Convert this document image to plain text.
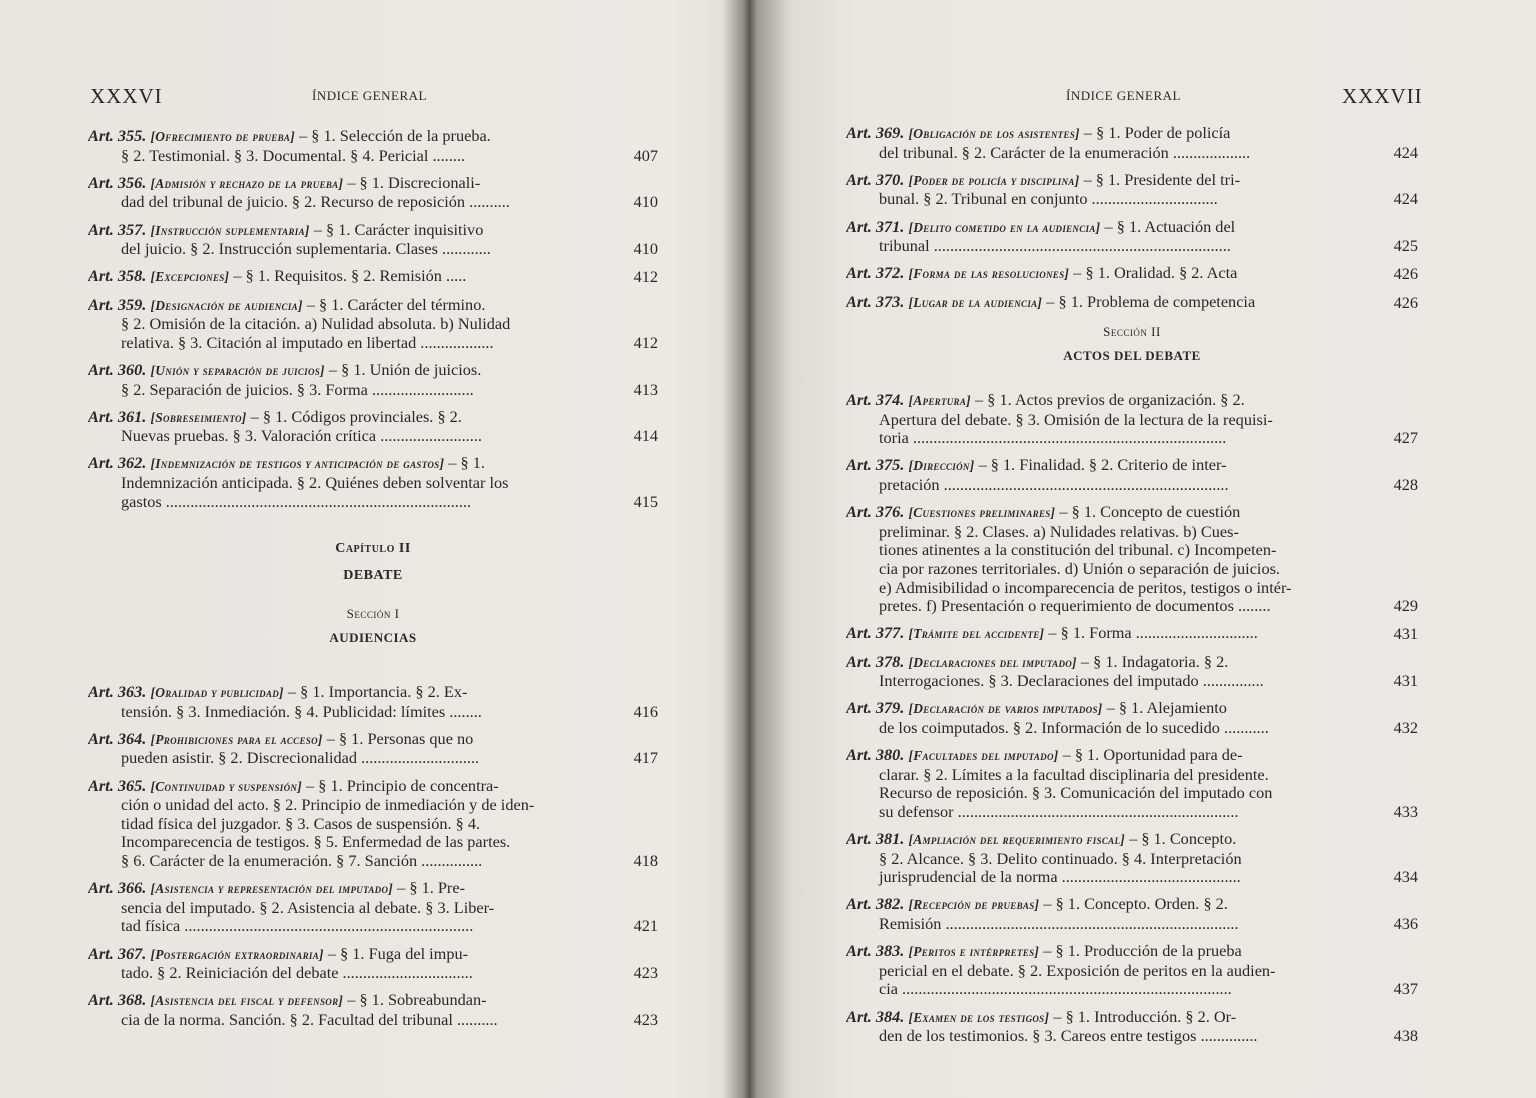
XXXVI	ÍNDICE GENERAL
Art. 355. [Ofrecimiento de prueba] – § 1. Selección de la prueba.
§ 2. Testimonial. § 3. Documental. § 4. Pericial ........	407
Art. 356. [Admisión y rechazo de la prueba] – § 1. Discrecionali-
dad del tribunal de juicio. § 2. Recurso de reposición ..........	410
Art. 357. [Instrucción suplementaria] – § 1. Carácter inquisitivo
del juicio. § 2. Instrucción suplementaria. Clases ............	410
Art. 358. [Excepciones] – § 1. Requisitos. § 2. Remisión .....	412
Art. 359. [Designación de audiencia] – § 1. Carácter del término.
§ 2. Omisión de la citación. a) Nulidad absoluta. b) Nulidad
relativa. § 3. Citación al imputado en libertad ..................	412
Art. 360. [Unión y separación de juicios] – § 1. Unión de juicios.
§ 2. Separación de juicios. § 3. Forma .........................	413
Art. 361. [Sobreseimiento] – § 1. Códigos provinciales. § 2.
Nuevas pruebas. § 3. Valoración crítica .........................	414
Art. 362. [Indemnización de testigos y anticipación de gastos] – § 1.
Indemnización anticipada. § 2. Quiénes deben solventar los
gastos ...........................................................................	415
Capítulo II
DEBATE
Sección I
AUDIENCIAS
Art. 363. [Oralidad y publicidad] – § 1. Importancia. § 2. Ex-
tensión. § 3. Inmediación. § 4. Publicidad: límites ........	416
Art. 364. [Prohibiciones para el acceso] – § 1. Personas que no
pueden asistir. § 2. Discrecionalidad .............................	417
Art. 365. [Continuidad y suspensión] – § 1. Principio de concentra-
ción o unidad del acto. § 2. Principio de inmediación y de iden-
tidad física del juzgador. § 3. Casos de suspensión. § 4.
Incomparecencia de testigos. § 5. Enfermedad de las partes.
§ 6. Carácter de la enumeración. § 7. Sanción ...............	418
Art. 366. [Asistencia y representación del imputado] – § 1. Pre-
sencia del imputado. § 2. Asistencia al debate. § 3. Liber-
tad física .......................................................................	421
Art. 367. [Postergación extraordinaria] – § 1. Fuga del impu-
tado. § 2. Reiniciación del debate ................................	423
Art. 368. [Asistencia del fiscal y defensor] – § 1. Sobreabundan-
cia de la norma. Sanción. § 2. Facultad del tribunal ..........	423
ÍNDICE GENERAL	XXXVII
Art. 369. [Obligación de los asistentes] – § 1. Poder de policía
del tribunal. § 2. Carácter de la enumeración ...................	424
Art. 370. [Poder de policía y disciplina] – § 1. Presidente del tri-
bunal. § 2. Tribunal en conjunto ...............................	424
Art. 371. [Delito cometido en la audiencia] – § 1. Actuación del
tribunal .........................................................................	425
Art. 372. [Forma de las resoluciones] – § 1. Oralidad. § 2. Acta	426
Art. 373. [Lugar de la audiencia] – § 1. Problema de competencia	426
Sección II
ACTOS DEL DEBATE
Art. 374. [Apertura] – § 1. Actos previos de organización. § 2.
Apertura del debate. § 3. Omisión de la lectura de la requisi-
toria .............................................................................	427
Art. 375. [Dirección] – § 1. Finalidad. § 2. Criterio de inter-
pretación ......................................................................	428
Art. 376. [Cuestiones preliminares] – § 1. Concepto de cuestión
preliminar. § 2. Clases. a) Nulidades relativas. b) Cues-
tiones atinentes a la constitución del tribunal. c) Incompeten-
cia por razones territoriales. d) Unión o separación de juicios.
e) Admisibilidad o incomparecencia de peritos, testigos o intér-
pretes. f) Presentación o requerimiento de documentos ........	429
Art. 377. [Trámite del accidente] – § 1. Forma ..............................	431
Art. 378. [Declaraciones del imputado] – § 1. Indagatoria. § 2.
Interrogaciones. § 3. Declaraciones del imputado ...............	431
Art. 379. [Declaración de varios imputados] – § 1. Alejamiento
de los coimputados. § 2. Información de lo sucedido ...........	432
Art. 380. [Facultades del imputado] – § 1. Oportunidad para de-
clarar. § 2. Límites a la facultad disciplinaria del presidente.
Recurso de reposición. § 3. Comunicación del imputado con
su defensor .....................................................................	433
Art. 381. [Ampliación del requerimiento fiscal] – § 1. Concepto.
§ 2. Alcance. § 3. Delito continuado. § 4. Interpretación
jurisprudencial de la norma ............................................	434
Art. 382. [Recepción de pruebas] – § 1. Concepto. Orden. § 2.
Remisión ........................................................................	436
Art. 383. [Peritos e intérpretes] – § 1. Producción de la prueba
pericial en el debate. § 2. Exposición de peritos en la audien-
cia .................................................................................	437
Art. 384. [Examen de los testigos] – § 1. Introducción. § 2. Or-
den de los testimonios. § 3. Careos entre testigos ..............	438
